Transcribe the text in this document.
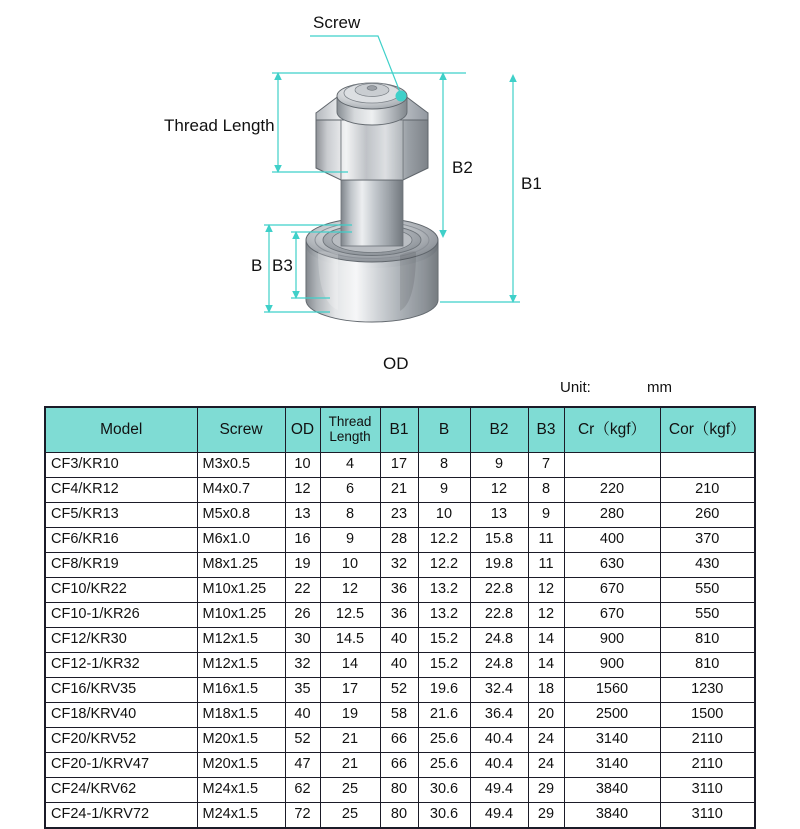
Screw
Thread Length
B2
B1
B B3
OD
Unit:	mm
Model	Screw	OD	Thread Length	B1	B	B2	B3	Cr（kgf）	Cor（kgf）
CF3/KR10	M3x0.5	10	4	17	8	9	7		
CF4/KR12	M4x0.7	12	6	21	9	12	8	220	210
CF5/KR13	M5x0.8	13	8	23	10	13	9	280	260
CF6/KR16	M6x1.0	16	9	28	12.2	15.8	11	400	370
CF8/KR19	M8x1.25	19	10	32	12.2	19.8	11	630	430
CF10/KR22	M10x1.25	22	12	36	13.2	22.8	12	670	550
CF10-1/KR26	M10x1.25	26	12.5	36	13.2	22.8	12	670	550
CF12/KR30	M12x1.5	30	14.5	40	15.2	24.8	14	900	810
CF12-1/KR32	M12x1.5	32	14	40	15.2	24.8	14	900	810
CF16/KRV35	M16x1.5	35	17	52	19.6	32.4	18	1560	1230
CF18/KRV40	M18x1.5	40	19	58	21.6	36.4	20	2500	1500
CF20/KRV52	M20x1.5	52	21	66	25.6	40.4	24	3140	2110
CF20-1/KRV47	M20x1.5	47	21	66	25.6	40.4	24	3140	2110
CF24/KRV62	M24x1.5	62	25	80	30.6	49.4	29	3840	3110
CF24-1/KRV72	M24x1.5	72	25	80	30.6	49.4	29	3840	3110
